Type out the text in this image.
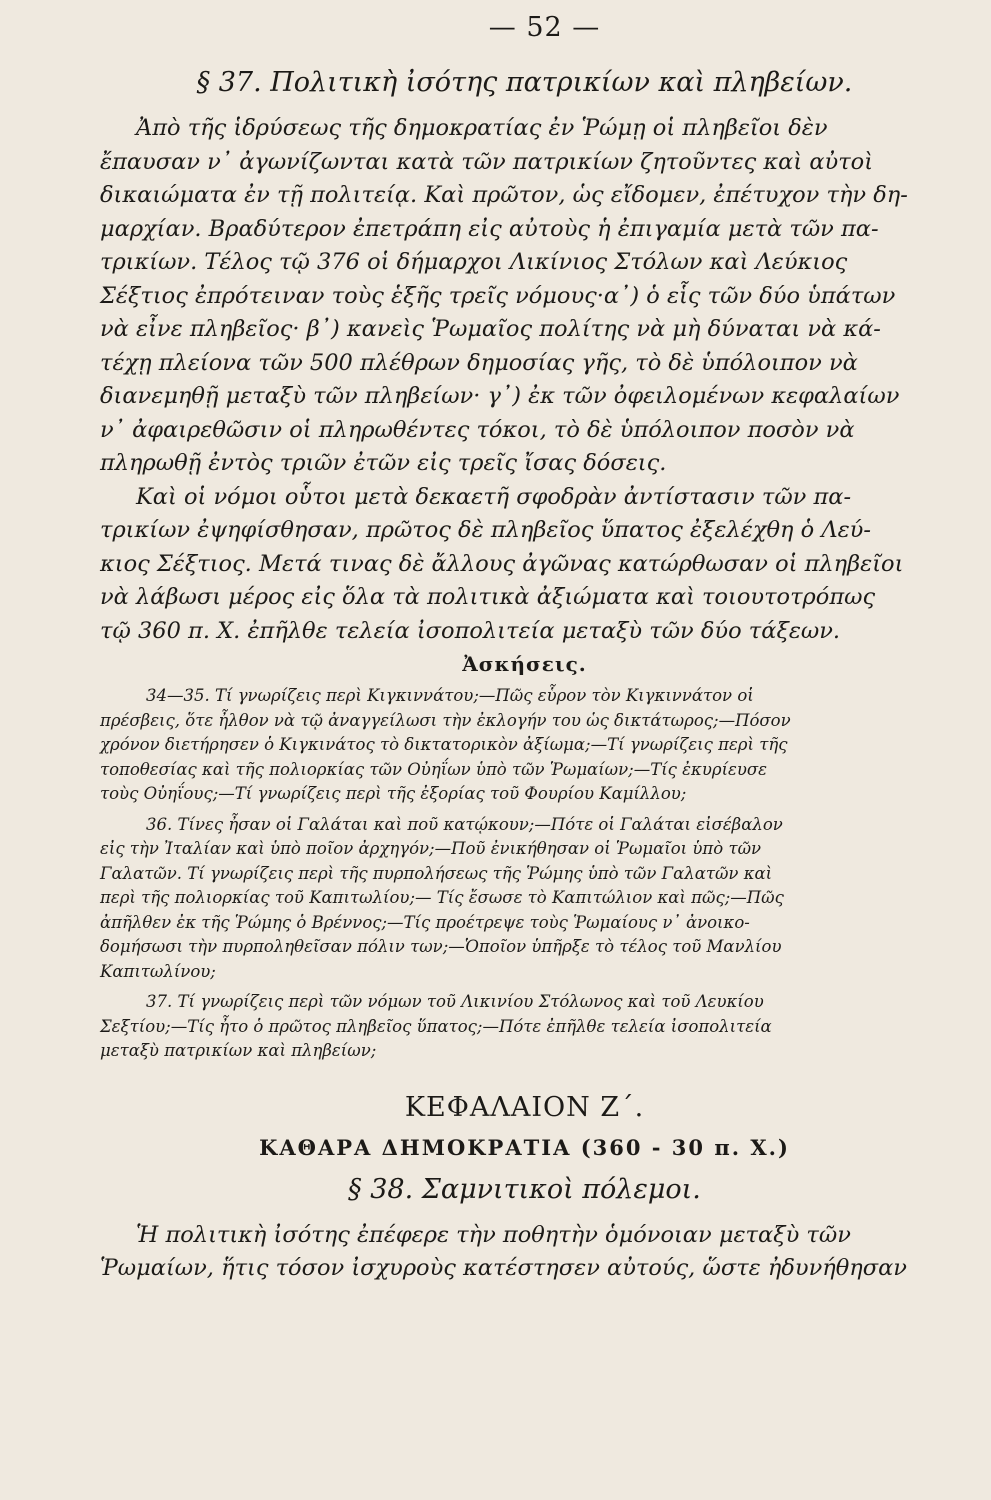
— 52 —
§ 37. Πολιτικὴ ἰσότης πατρικίων καὶ πληβείων.

Ἀπὸ τῆς ἱδρύσεως τῆς δημοκρατίας ἐν Ῥώμῃ οἱ πληβεῖοι δὲν
ἔπαυσαν ν᾽ ἀγωνίζωνται κατὰ τῶν πατρικίων ζητοῦντες καὶ αὐτοὶ
δικαιώματα ἐν τῇ πολιτείᾳ. Καὶ πρῶτον, ὡς εἴδομεν, ἐπέτυχον τὴν δη-
μαρχίαν. Βραδύτερον ἐπετράπη εἰς αὐτοὺς ἡ ἐπιγαμία μετὰ τῶν πα-
τρικίων. Τέλος τῷ 376 οἱ δήμαρχοι Λικίνιος Στόλων καὶ Λεύκιος
Σέξτιος ἐπρότειναν τοὺς ἑξῆς τρεῖς νόμους·α᾽) ὁ εἷς τῶν δύο ὑπάτων
νὰ εἶνε πληβεῖος· β᾽) κανεὶς Ῥωμαῖος πολίτης νὰ μὴ δύναται νὰ κά-
τέχῃ πλείονα τῶν 500 πλέθρων δημοσίας γῆς, τὸ δὲ ὑπόλοιπον νὰ
διανεμηθῇ μεταξὺ τῶν πληβείων· γ᾽) ἐκ τῶν ὀφειλομένων κεφαλαίων
ν᾽ ἀφαιρεθῶσιν οἱ πληρωθέντες τόκοι, τὸ δὲ ὑπόλοιπον ποσὸν νὰ
πληρωθῇ ἐντὸς τριῶν ἐτῶν εἰς τρεῖς ἴσας δόσεις.

Καὶ οἱ νόμοι οὗτοι μετὰ δεκαετῆ σφοδρὰν ἀντίστασιν τῶν πα-
τρικίων ἐψηφίσθησαν, πρῶτος δὲ πληβεῖος ὕπατος ἐξελέχθη ὁ Λεύ-
κιος Σέξτιος. Μετά τινας δὲ ἄλλους ἀγῶνας κατώρθωσαν οἱ πληβεῖοι
νὰ λάβωσι μέρος εἰς ὅλα τὰ πολιτικὰ ἀξιώματα καὶ τοιουτοτρόπως
τῷ 360 π. Χ. ἐπῆλθε τελεία ἰσοπολιτεία μεταξὺ τῶν δύο τάξεων.

Ἀσκήσεις.
34—35. Τί γνωρίζεις περὶ Κιγκιννάτου;—Πῶς εὗρον τὸν Κιγκιννάτον οἱ
πρέσβεις, ὅτε ἦλθον νὰ τῷ ἀναγγείλωσι τὴν ἐκλογήν του ὡς δικτάτωρος;—Πόσον
χρόνον διετήρησεν ὁ Κιγκινάτος τὸ δικτατορικὸν ἀξίωμα;—Τί γνωρίζεις περὶ τῆς
τοποθεσίας καὶ τῆς πολιορκίας τῶν Οὐηΐων ὑπὸ τῶν Ῥωμαίων;—Τίς ἐκυρίευσε
τοὺς Οὐηΐους;—Τί γνωρίζεις περὶ τῆς ἐξορίας τοῦ Φουρίου Καμίλλου;
36. Τίνες ἦσαν οἱ Γαλάται καὶ ποῦ κατῴκουν;—Πότε οἱ Γαλάται εἰσέβαλον
εἰς τὴν Ἰταλίαν καὶ ὑπὸ ποῖον ἀρχηγόν;—Ποῦ ἐνικήθησαν οἱ Ῥωμαῖοι ὑπὸ τῶν
Γαλατῶν. Τί γνωρίζεις περὶ τῆς πυρπολήσεως τῆς Ῥώμης ὑπὸ τῶν Γαλατῶν καὶ
περὶ τῆς πολιορκίας τοῦ Καπιτωλίου;— Τίς ἔσωσε τὸ Καπιτώλιον καὶ πῶς;—Πῶς
ἀπῆλθεν ἐκ τῆς Ῥώμης ὁ Βρέννος;—Τίς προέτρεψε τοὺς Ῥωμαίους ν᾽ ἀνοικο-
δομήσωσι τὴν πυρποληθεῖσαν πόλιν των;—Ὁποῖον ὑπῆρξε τὸ τέλος τοῦ Μανλίου
Καπιτωλίνου;
37. Τί γνωρίζεις περὶ τῶν νόμων τοῦ Λικινίου Στόλωνος καὶ τοῦ Λευκίου
Σεξτίου;—Τίς ἦτο ὁ πρῶτος πληβεῖος ὕπατος;—Πότε ἐπῆλθε τελεία ἰσοπολιτεία
μεταξὺ πατρικίων καὶ πληβείων;
ΚΕΦΑΛΑΙΟΝ Ζ΄.
ΚΑΘΑΡΑ ΔΗΜΟΚΡΑΤΙΑ (360 - 30 π. Χ.)
§ 38. Σαμνιτικοὶ πόλεμοι.

Ἡ πολιτικὴ ἰσότης ἐπέφερε τὴν ποθητὴν ὁμόνοιαν μεταξὺ τῶν
Ῥωμαίων, ἥτις τόσον ἰσχυροὺς κατέστησεν αὐτούς, ὥστε ἠδυνήθησαν
